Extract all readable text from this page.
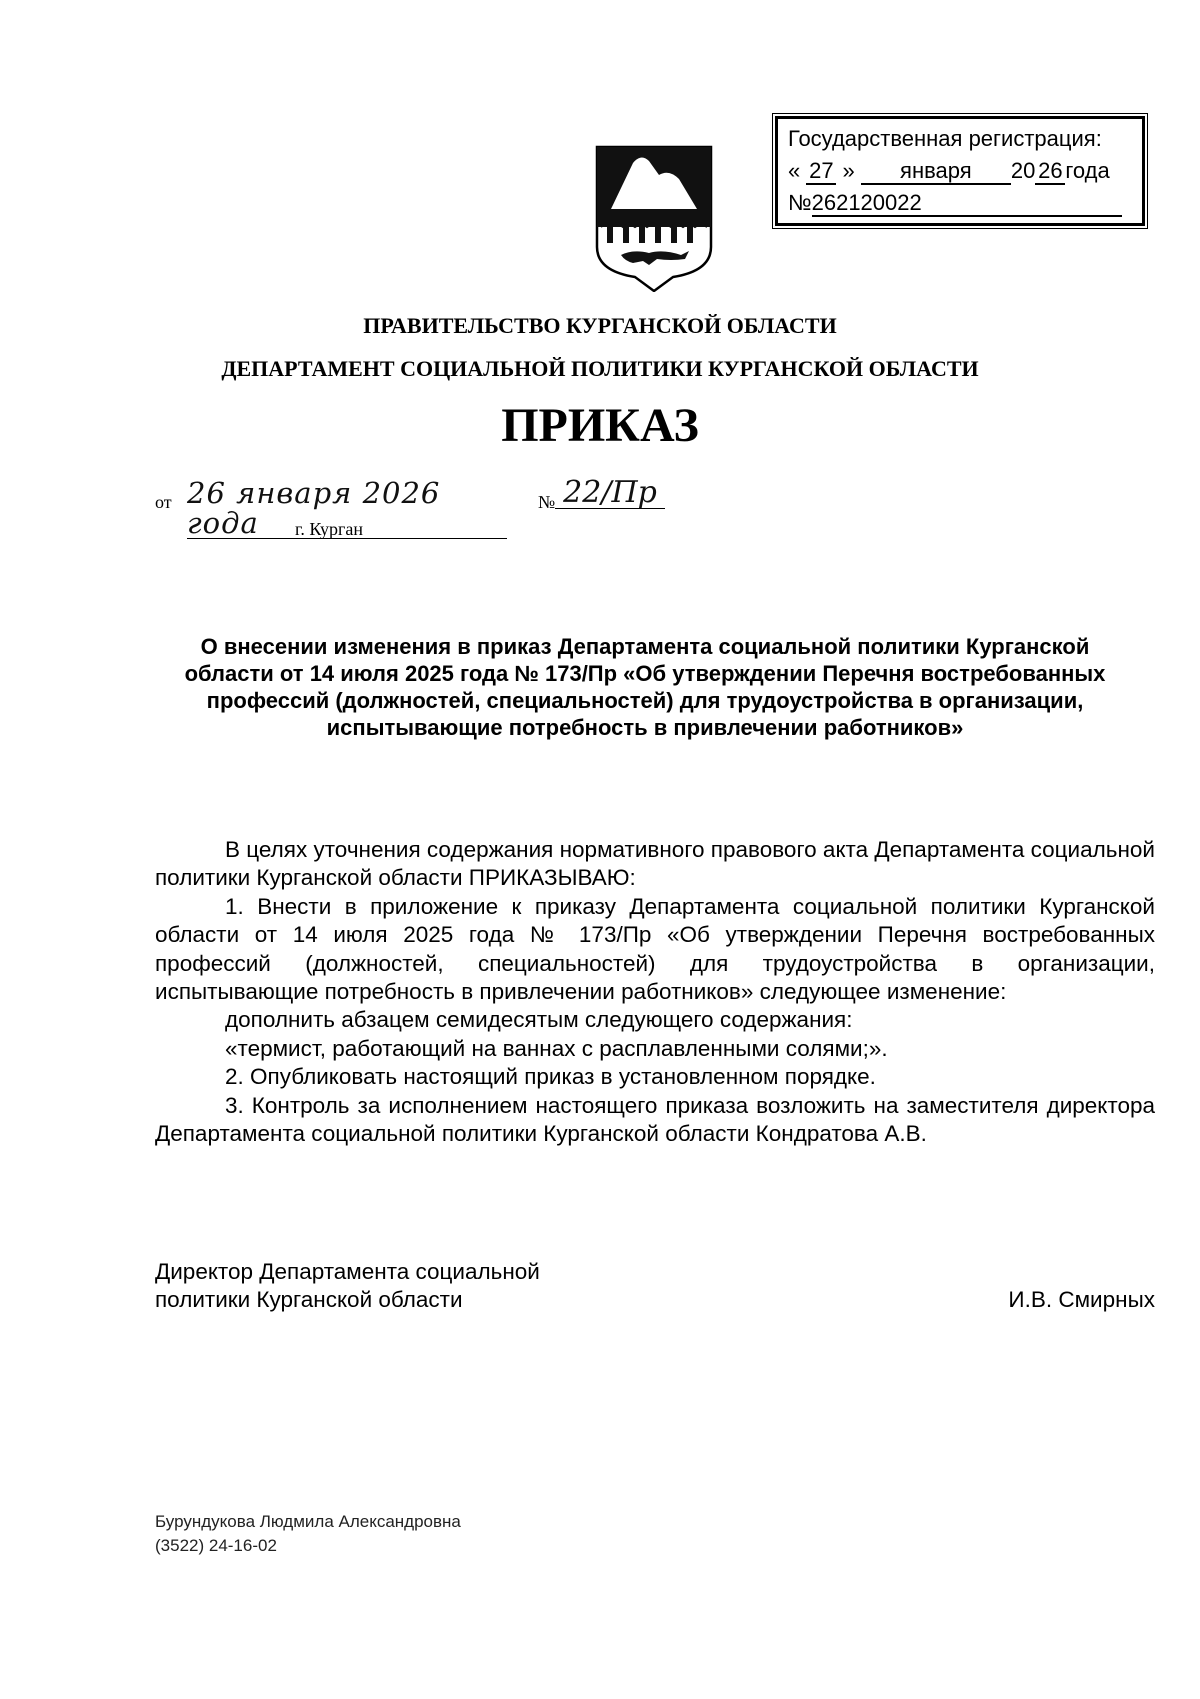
Государственная регистрация:
« 27 » января 20 26 года
№262120022
ПРАВИТЕЛЬСТВО КУРГАНСКОЙ ОБЛАСТИ
ДЕПАРТАМЕНТ СОЦИАЛЬНОЙ ПОЛИТИКИ КУРГАНСКОЙ ОБЛАСТИ
ПРИКАЗ
от 26 января 2026 года
№ 22/Пр
г. Курган
О внесении изменения в приказ Департамента социальной политики Курганской области от 14 июля 2025 года № 173/Пр «Об утверждении Перечня востребованных профессий (должностей, специальностей) для трудоустройства в организации, испытывающие потребность в привлечении работников»

В целях уточнения содержания нормативного правового акта Департамента социальной политики Курганской области ПРИКАЗЫВАЮ:

1. Внести в приложение к приказу Департамента социальной политики Курганской области от 14 июля 2025 года № 173/Пр «Об утверждении Перечня востребованных профессий (должностей, специальностей) для трудоустройства в организации, испытывающие потребность в привлечении работников» следующее изменение:

дополнить абзацем семидесятым следующего содержания:

«термист, работающий на ваннах с расплавленными солями;».

2. Опубликовать настоящий приказ в установленном порядке.

3. Контроль за исполнением настоящего приказа возложить на заместителя директора Департамента социальной политики Курганской области Кондратова А.В.

Директор Департамента социальной
политики Курганской области	И.В. Смирных
Бурундукова Людмила Александровна
(3522) 24-16-02
